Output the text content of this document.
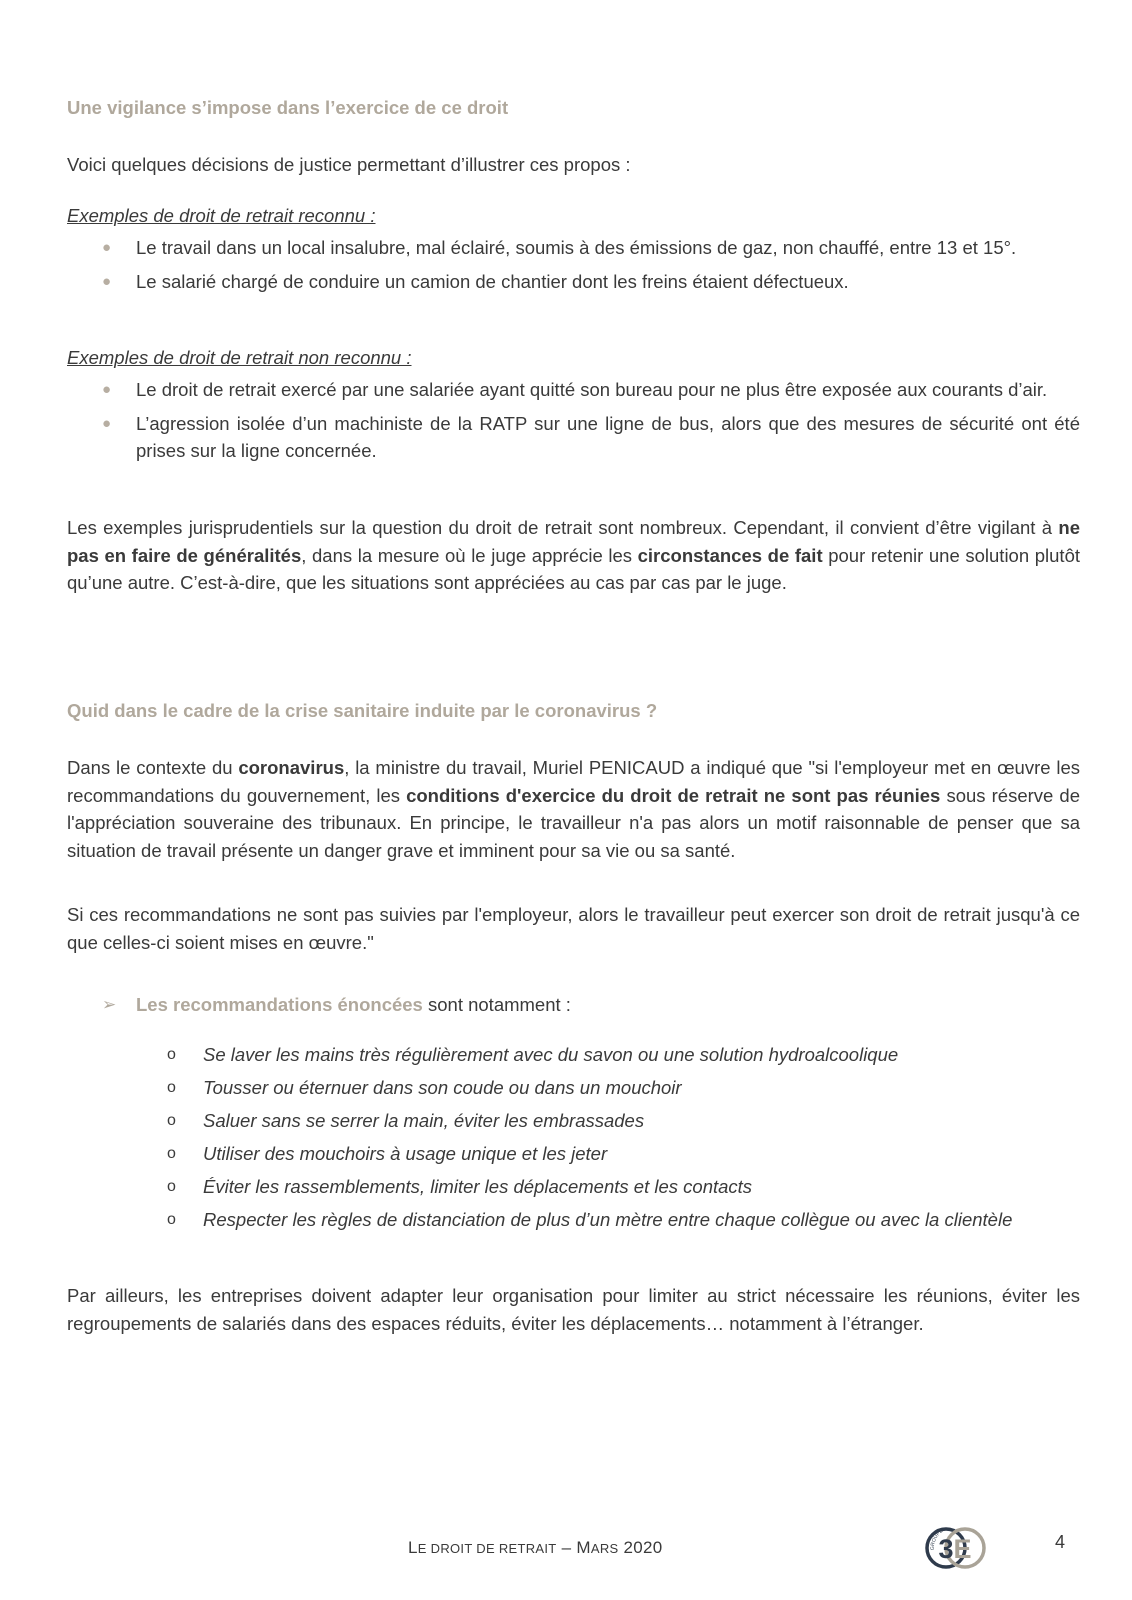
Une vigilance s’impose dans l’exercice de ce droit

Voici quelques décisions de justice permettant d’illustrer ces propos :

Exemples de droit de retrait reconnu :
● Le travail dans un local insalubre, mal éclairé, soumis à des émissions de gaz, non chauffé, entre 13 et 15°.
● Le salarié chargé de conduire un camion de chantier dont les freins étaient défectueux.
Exemples de droit de retrait non reconnu :
● Le droit de retrait exercé par une salariée ayant quitté son bureau pour ne plus être exposée aux courants d’air.
● L’agression isolée d’un machiniste de la RATP sur une ligne de bus, alors que des mesures de sécurité ont été prises sur la ligne concernée.

Les exemples jurisprudentiels sur la question du droit de retrait sont nombreux. Cependant, il convient d’être vigilant à ne pas en faire de généralités, dans la mesure où le juge apprécie les circonstances de fait pour retenir une solution plutôt qu’une autre. C’est-à-dire, que les situations sont appréciées au cas par cas par le juge.

Quid dans le cadre de la crise sanitaire induite par le coronavirus ?

Dans le contexte du coronavirus, la ministre du travail, Muriel PENICAUD a indiqué que "si l'employeur met en œuvre les recommandations du gouvernement, les conditions d'exercice du droit de retrait ne sont pas réunies sous réserve de l'appréciation souveraine des tribunaux. En principe, le travailleur n'a pas alors un motif raisonnable de penser que sa situation de travail présente un danger grave et imminent pour sa vie ou sa santé.

Si ces recommandations ne sont pas suivies par l'employeur, alors le travailleur peut exercer son droit de retrait jusqu'à ce que celles-ci soient mises en œuvre."

➢ Les recommandations énoncées sont notamment :
o Se laver les mains très régulièrement avec du savon ou une solution hydroalcoolique
o Tousser ou éternuer dans son coude ou dans un mouchoir
o Saluer sans se serrer la main, éviter les embrassades
o Utiliser des mouchoirs à usage unique et les jeter
o Éviter les rassemblements, limiter les déplacements et les contacts
o Respecter les règles de distanciation de plus d’un mètre entre chaque collègue ou avec la clientèle

Par ailleurs, les entreprises doivent adapter leur organisation pour limiter au strict nécessaire les réunions, éviter les regroupements de salariés dans des espaces réduits, éviter les déplacements… notamment à l’étranger.

LE DROIT DE RETRAIT – MARS 2020	GROUPE
3E	4
